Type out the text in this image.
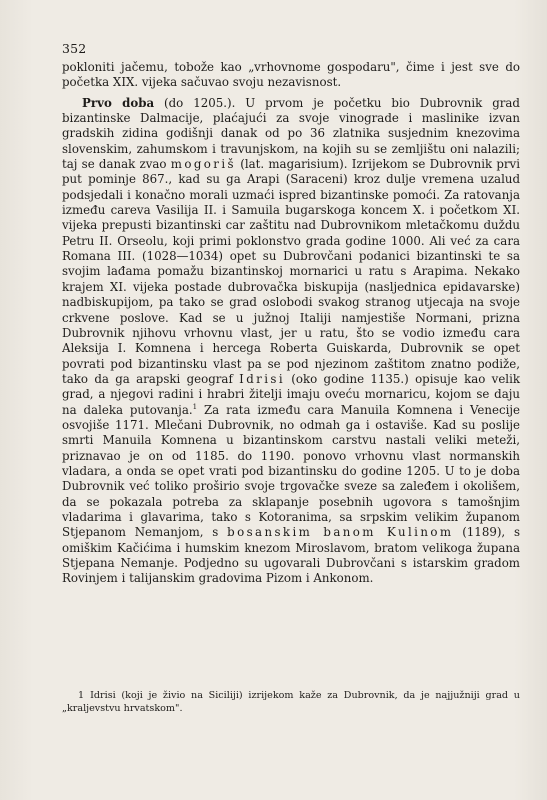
352

pokloniti jačemu, tobože kao „vrhovnome gospodaru", čime i jest sve do početka XIX. vijeka sačuvao svoju nezavisnost.

Prvo doba (do 1205.). U prvom je početku bio Dubrovnik grad bizantinske Dalmacije, plaćajući za svoje vinograde i maslinike izvan gradskih zidina godišnji danak od po 36 zlatnika susjednim knezovima slovenskim, zahumskom i travunjskom, na kojih su se zemljištu oni nalazili; taj se danak zvao mogoriš (lat. magarisium). Izrijekom se Dubrovnik prvi put pominje 867., kad su ga Arapi (Saraceni) kroz dulje vremena uzalud podsjedali i konačno morali uzmaći ispred bizantinske pomoći. Za ratovanja između careva Vasilija II. i Samuila bugarskoga koncem X. i početkom XI. vijeka prepusti bizantinski car zaštitu nad Dubrovnikom mletačkomu duždu Petru II. Orseolu, koji primi poklonstvo grada godine 1000. Ali već za cara Romana III. (1028—1034) opet su Dubrovčani podanici bizantinski te sa svojim lađama pomažu bizantinskoj mornarici u ratu s Arapima. Nekako krajem XI. vijeka postade dubrovačka biskupija (nasljednica epidavarske) nadbiskupijom, pa tako se grad oslobodi svakog stranog utjecaja na svoje crkvene poslove. Kad se u južnoj Italiji namjestiše Normani, prizna Dubrovnik njihovu vrhovnu vlast, jer u ratu, što se vodio između cara Aleksija I. Komnena i hercega Roberta Guiskarda, Dubrovnik se opet povrati pod bizantinsku vlast pa se pod njezinom zaštitom znatno podiže, tako da ga arapski geograf Idrisi (oko godine 1135.) opisuje kao velik grad, a njegovi radini i hrabri žitelji imaju oveću mornaricu, kojom se daju na daleka putovanja.$^1$ Za rata između cara Manuila Komnena i Venecije osvojiše 1171. Mlečani Dubrovnik, no odmah ga i ostaviše. Kad su poslije smrti Manuila Komnena u bizantinskom carstvu nastali veliki meteži, priznavao je on od 1185. do 1190. ponovo vrhovnu vlast normanskih vladara, a onda se opet vrati pod bizantinsku do godine 1205. U to je doba Dubrovnik već toliko proširio svoje trgovačke sveze sa zaleđem i okolišem, da se pokazala potreba za sklapanje posebnih ugovora s tamošnjim vladarima i glavarima, tako s Kotoranima, sa srpskim velikim županom Stjepanom Nemanjom, s bosanskim banom Kulinom (1189), s omiškim Kačićima i humskim knezom Miroslavom, bratom velikoga župana Stjepana Nemanje. Podjedno su ugovarali Dubrovčani s istarskim gradom Rovinjem i talijanskim gradovima Pizom i Ankonom.

1 Idrisi (koji je živio na Siciliji) izrijekom kaže za Dubrovnik, da je najjužniji grad u „kraljevstvu hrvatskom".
